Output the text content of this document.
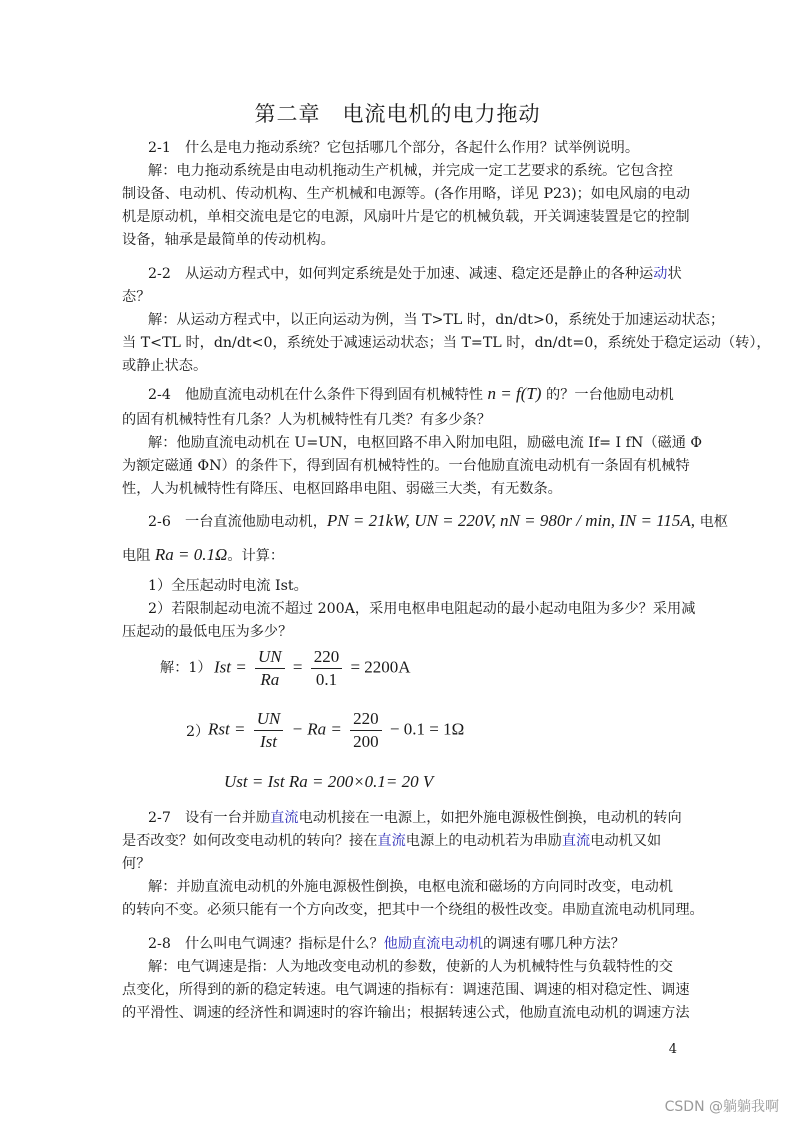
第二章　电流电机的电力拖动
2-1　什么是电力拖动系统？它包括哪几个部分，各起什么作用？试举例说明。
解：电力拖动系统是由电动机拖动生产机械，并完成一定工艺要求的系统。它包含控
制设备、电动机、传动机构、生产机械和电源等。(各作用略，详见 P23)；如电风扇的电动
机是原动机，单相交流电是它的电源，风扇叶片是它的机械负载，开关调速装置是它的控制
设备，轴承是最简单的传动机构。
2-2　从运动方程式中，如何判定系统是处于加速、减速、稳定还是静止的各种运动状
态？
解：从运动方程式中，以正向运动为例，当 T>TL 时，dn/dt>0，系统处于加速运动状态；
当 T<TL 时，dn/dt<0，系统处于减速运动状态；当 T=TL 时，dn/dt=0，系统处于稳定运动（转），
或静止状态。
2-4　他励直流电动机在什么条件下得到固有机械特性 n = f(T) 的？一台他励电动机
的固有机械特性有几条？人为机械特性有几类？有多少条？
解：他励直流电动机在 U=UN，电枢回路不串入附加电阻，励磁电流 If= I fN（磁通 Φ
为额定磁通 ΦN）的条件下，得到固有机械特性的。一台他励直流电动机有一条固有机械特
性，人为机械特性有降压、电枢回路串电阻、弱磁三大类，有无数条。
2-6　一台直流他励电动机，PN = 21kW, UN = 220V, nN = 980r / min, IN = 115A, 电枢
电阻 Ra = 0.1Ω。计算：
1）全压起动时电流 Ist。
2）若限制起动电流不超过 200A，采用电枢串电阻起动的最小起动电阻为多少？采用减
压起动的最低电压为多少？
解：1） Ist = $\frac{UN}{Ra} = \frac{220}{0.1} = 2200A$
2）
Rst = $\frac{UN}{\text{Ist}} - Ra = \frac{220}{200} - 0.1 = 1\Omega$
Ust = Ist Ra = 200×0.1= 20 V
2-7　设有一台并励直流电动机接在一电源上，如把外施电源极性倒换，电动机的转向
是否改变？如何改变电动机的转向？接在直流电源上的电动机若为串励直流电动机又如
何？
解：并励直流电动机的外施电源极性倒换，电枢电流和磁场的方向同时改变，电动机
的转向不变。必须只能有一个方向改变，把其中一个绕组的极性改变。串励直流电动机同理。
2-8　什么叫电气调速？指标是什么？他励直流电动机的调速有哪几种方法？
解：电气调速是指：人为地改变电动机的参数，使新的人为机械特性与负载特性的交
点变化，所得到的新的稳定转速。电气调速的指标有：调速范围、调速的相对稳定性、调速
的平滑性、调速的经济性和调速时的容许输出；根据转速公式，他励直流电动机的调速方法
4
CSDN @躺躺我啊
